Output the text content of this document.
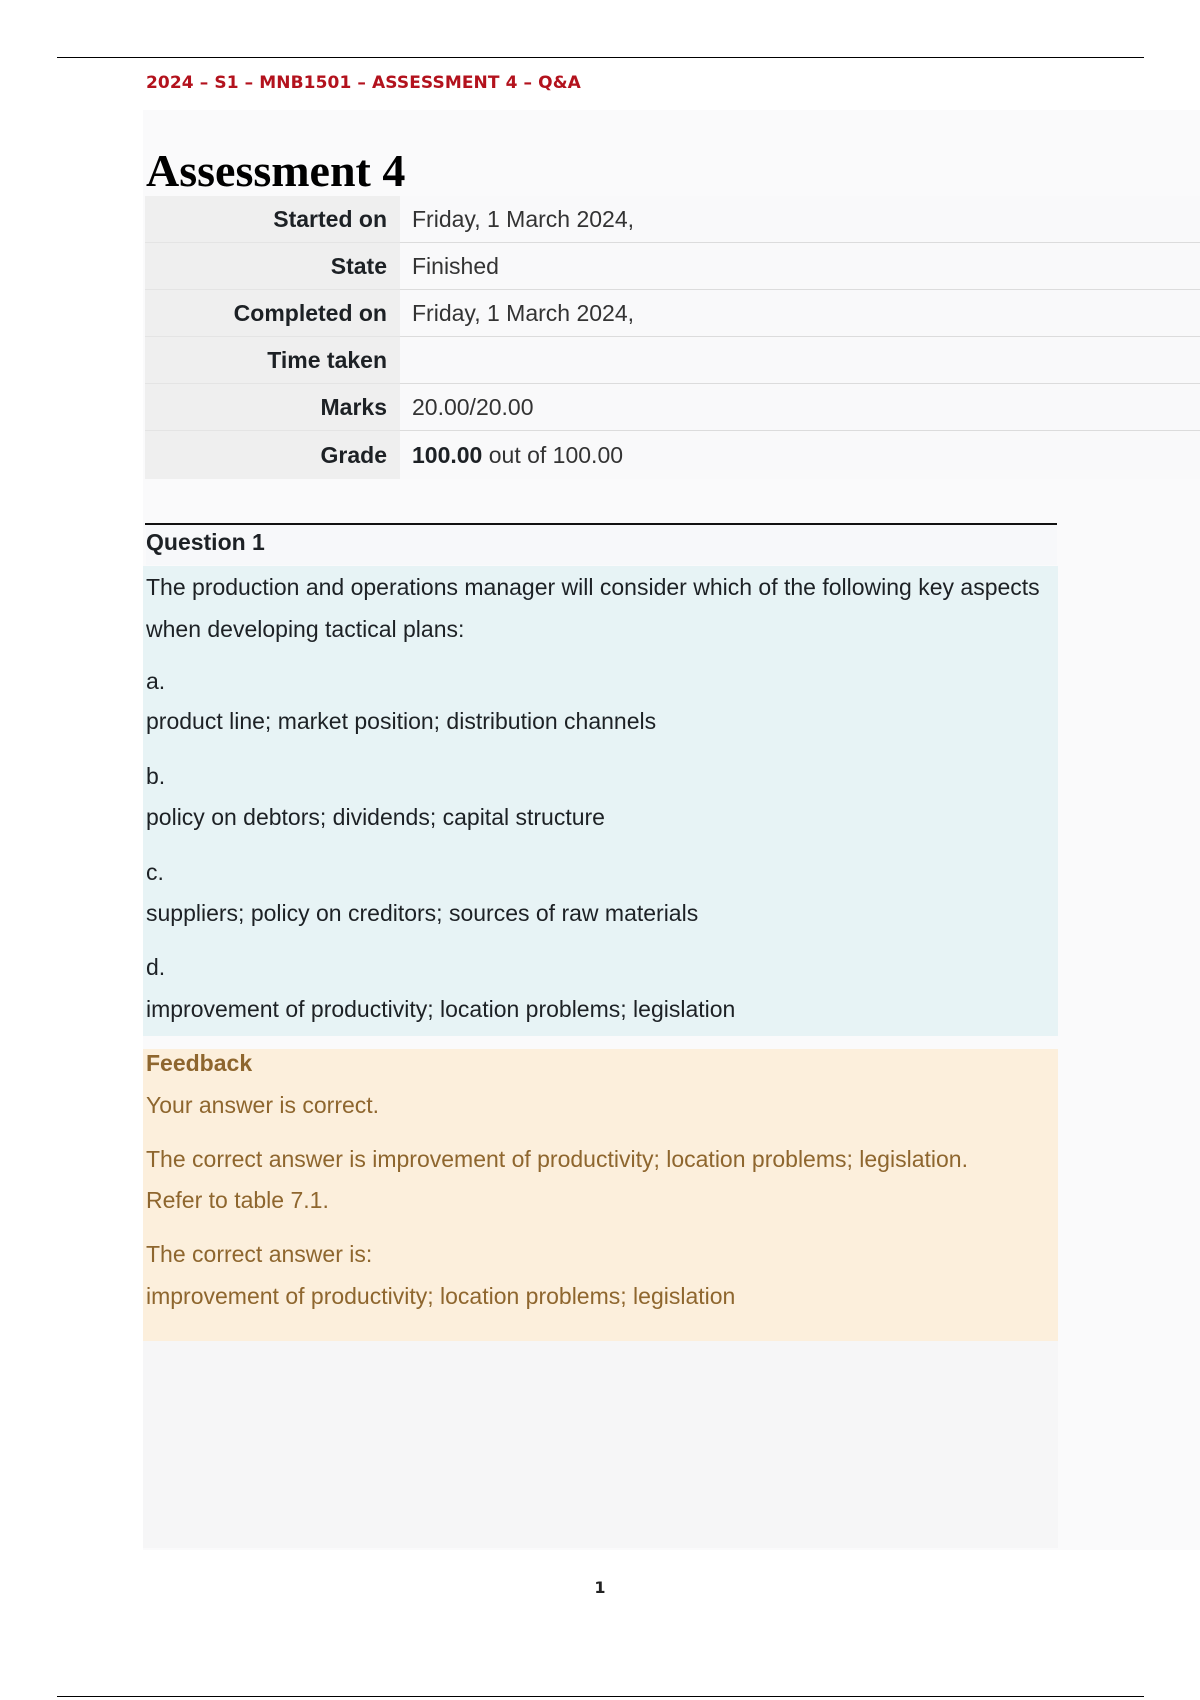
2024 – S1 – MNB1501 – ASSESSMENT 4 – Q&A
Assessment 4
Started on	Friday, 1 March 2024,
State	Finished
Completed on	Friday, 1 March 2024,
Time taken	
Marks	20.00/20.00
Grade	100.00 out of 100.00
Question 1
The production and operations manager will consider which of the following key aspects when developing tactical plans:
a.
product line; market position; distribution channels
b.
policy on debtors; dividends; capital structure
c.
suppliers; policy on creditors; sources of raw materials
d.
improvement of productivity; location problems; legislation
Feedback
Your answer is correct.
The correct answer is improvement of productivity; location problems; legislation.
Refer to table 7.1.
The correct answer is:
improvement of productivity; location problems; legislation
1
